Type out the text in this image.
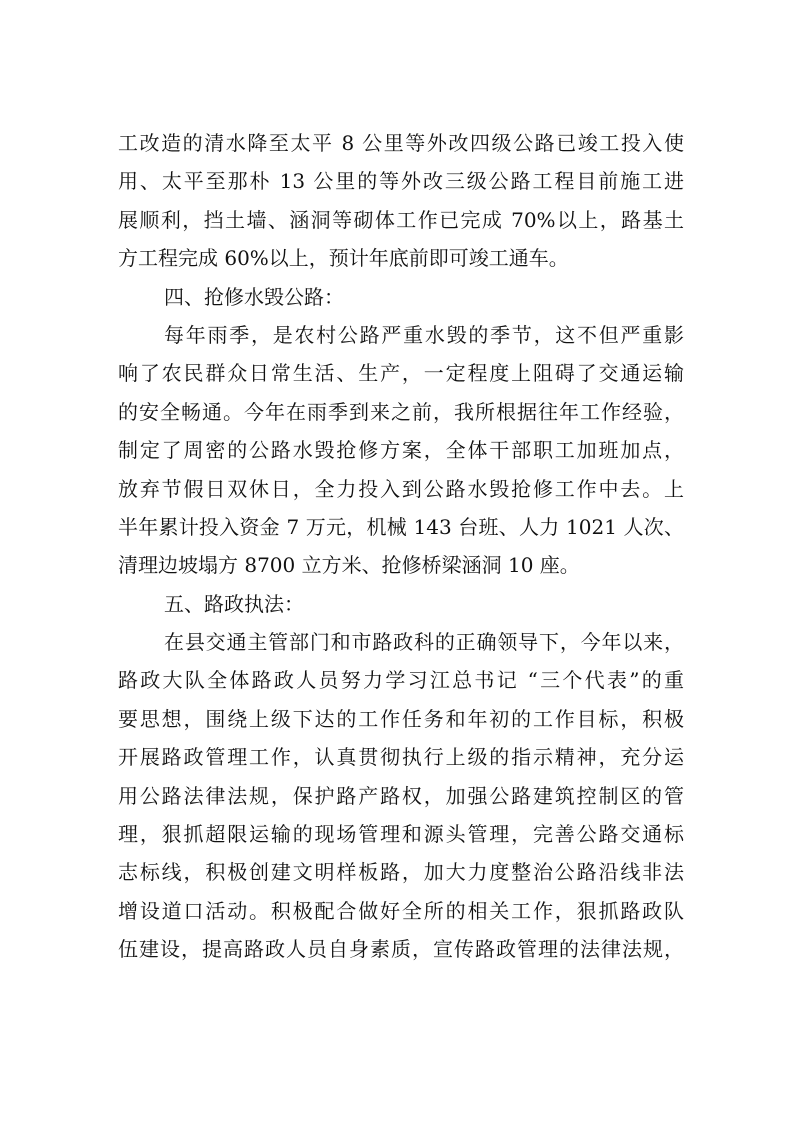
工改造的清水降至太平 8 公里等外改四级公路已竣工投入使
用、太平至那朴 13 公里的等外改三级公路工程目前施工进
展顺利，挡土墙、涵洞等砌体工作已完成 70%以上，路基土
方工程完成 60%以上，预计年底前即可竣工通车。
四、抢修水毁公路：
每年雨季，是农村公路严重水毁的季节，这不但严重影
响了农民群众日常生活、生产，一定程度上阻碍了交通运输
的安全畅通。今年在雨季到来之前，我所根据往年工作经验，
制定了周密的公路水毁抢修方案，全体干部职工加班加点，
放弃节假日双休日，全力投入到公路水毁抢修工作中去。上
半年累计投入资金 7 万元，机械 143 台班、人力 1021 人次、
清理边坡塌方 8700 立方米、抢修桥梁涵洞 10 座。
五、路政执法：
在县交通主管部门和市路政科的正确领导下，今年以来，
路政大队全体路政人员努力学习江总书记 “三个代表”的重
要思想，围绕上级下达的工作任务和年初的工作目标，积极
开展路政管理工作，认真贯彻执行上级的指示精神，充分运
用公路法律法规，保护路产路权，加强公路建筑控制区的管
理，狠抓超限运输的现场管理和源头管理，完善公路交通标
志标线，积极创建文明样板路，加大力度整治公路沿线非法
增设道口活动。积极配合做好全所的相关工作，狠抓路政队
伍建设，提高路政人员自身素质，宣传路政管理的法律法规，
